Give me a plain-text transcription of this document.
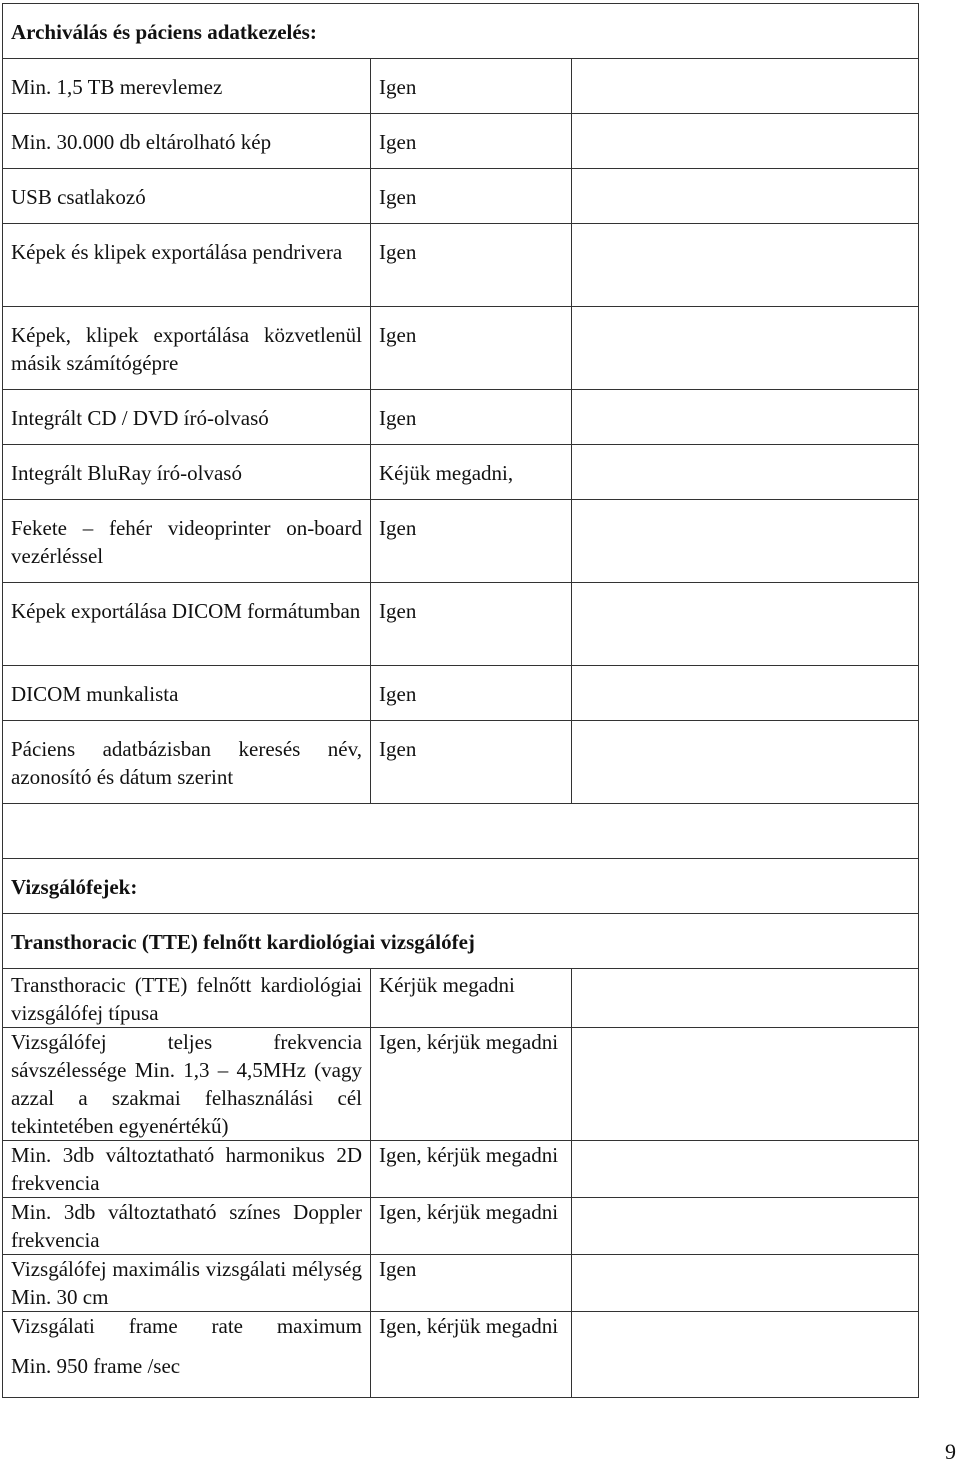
Archiválás és páciens adatkezelés:		
Min. 1,5 TB merevlemez	Igen	
Min. 30.000 db eltárolható kép	Igen	
USB csatlakozó	Igen	

Képek és klipek exportálása pendrivera	Igen	

Képek, klipek exportálása közvetlenül másik számítógépre	Igen	
Integrált CD / DVD író-olvasó	Igen	
Integrált BluRay író-olvasó	Kéjük megadni,	

Fekete – fehér videoprinter on-board vezérléssel	Igen	

Képek exportálása DICOM formátumban	Igen	
DICOM munkalista	Igen	

Páciens adatbázisban keresés név, azonosító és dátum szerint	Igen	

Vizsgálófejek:		
Transthoracic (TTE) felnőtt kardiológiai vizsgálófej		

Transthoracic (TTE) felnőtt kardiológiai vizsgálófej típusa	Kérjük megadni	

Vizsgálófej teljes frekvencia sávszélessége Min. 1,3 – 4,5MHz (vagy azzal a szakmai felhasználási cél tekintetében egyenértékű)	Igen, kérjük megadni	

Min. 3db változtatható harmonikus 2D frekvencia	Igen, kérjük megadni	

Min. 3db változtatható színes Doppler frekvencia	Igen, kérjük megadni	

Vizsgálófej maximális vizsgálati mélység Min. 30 cm	Igen	

Vizsgálati frame rate maximum
Min. 950 frame /sec	Igen, kérjük megadni	

9
